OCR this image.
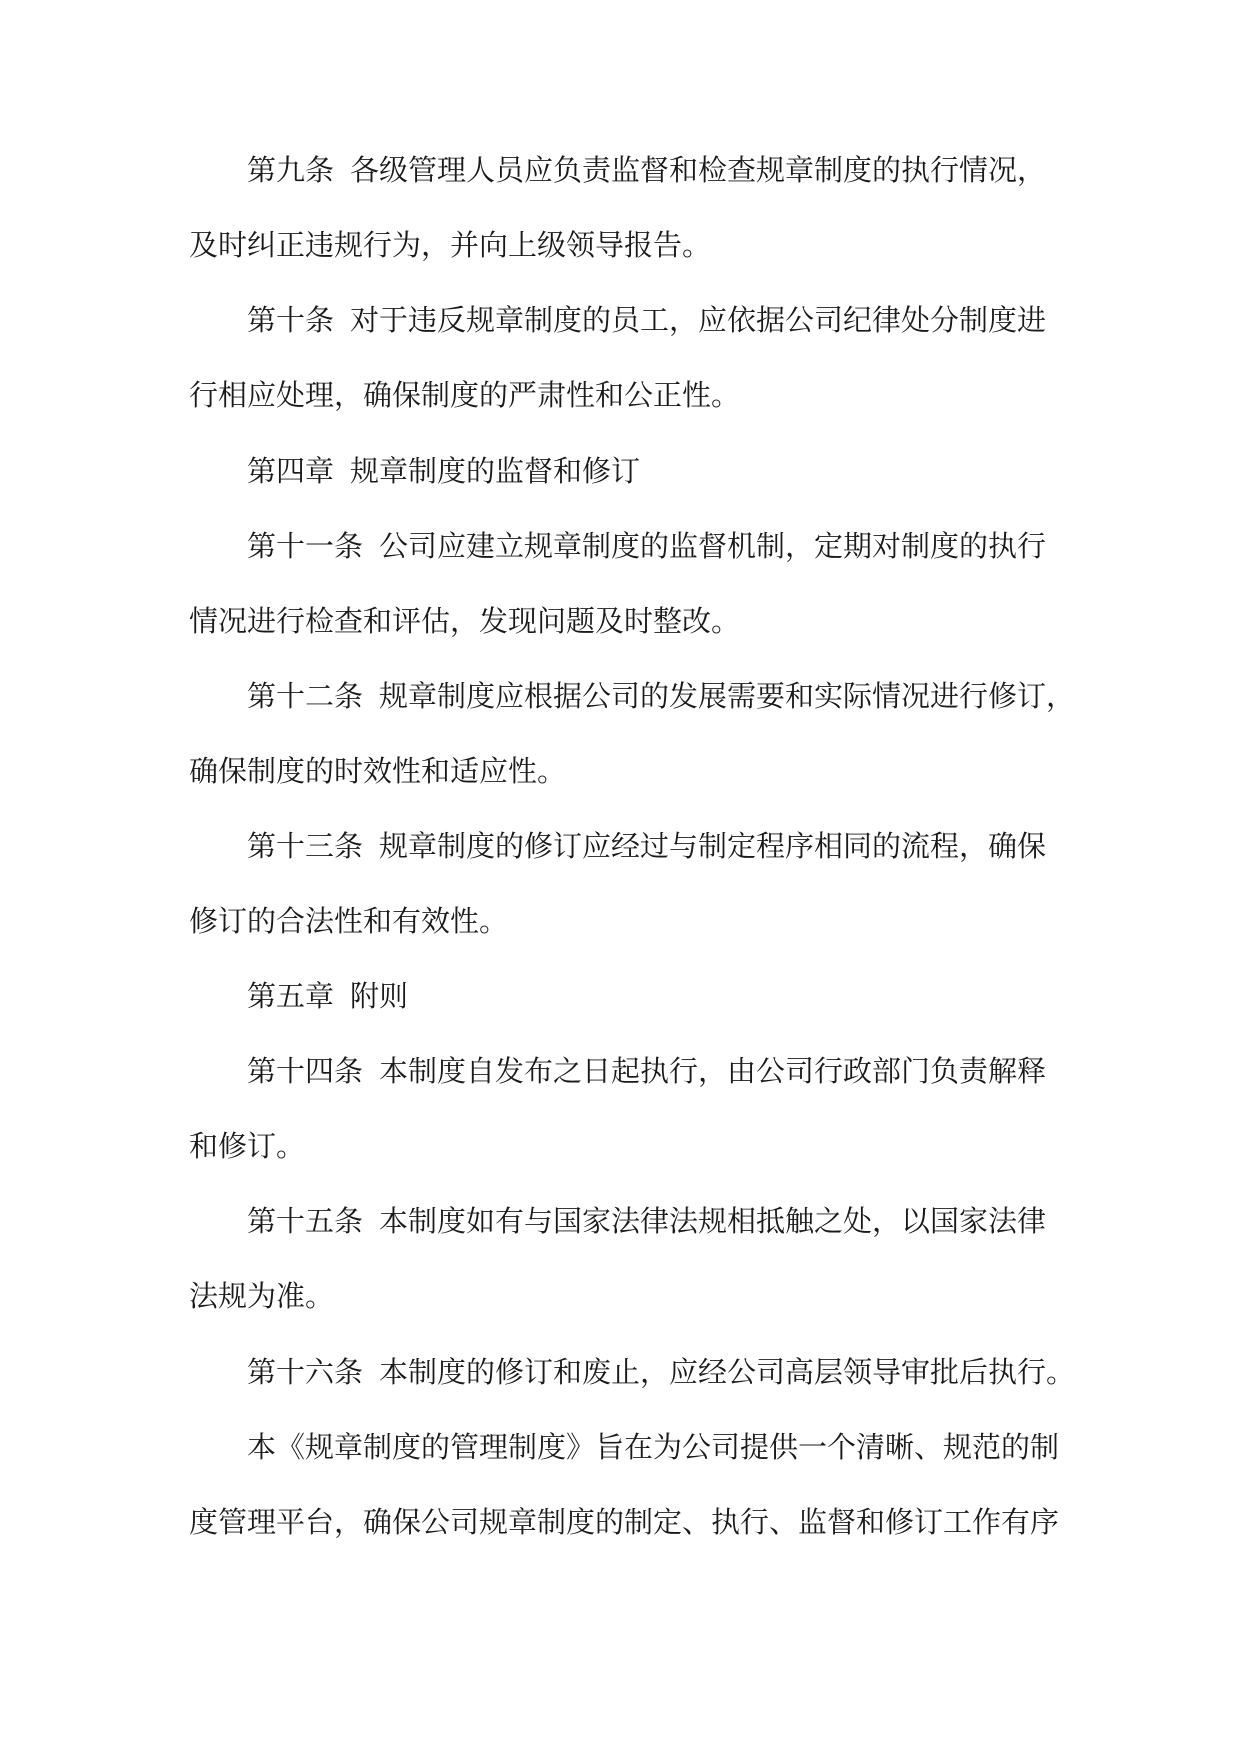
第九条 各级管理人员应负责监督和检查规章制度的执行情况，
及时纠正违规行为，并向上级领导报告。
第十条 对于违反规章制度的员工，应依据公司纪律处分制度进
行相应处理，确保制度的严肃性和公正性。
第四章 规章制度的监督和修订
第十一条 公司应建立规章制度的监督机制，定期对制度的执行
情况进行检查和评估，发现问题及时整改。
第十二条 规章制度应根据公司的发展需要和实际情况进行修订，
确保制度的时效性和适应性。
第十三条 规章制度的修订应经过与制定程序相同的流程，确保
修订的合法性和有效性。
第五章 附则
第十四条 本制度自发布之日起执行，由公司行政部门负责解释
和修订。
第十五条 本制度如有与国家法律法规相抵触之处，以国家法律
法规为准。
第十六条 本制度的修订和废止，应经公司高层领导审批后执行。
本《规章制度的管理制度》旨在为公司提供一个清晰、规范的制
度管理平台，确保公司规章制度的制定、执行、监督和修订工作有序
